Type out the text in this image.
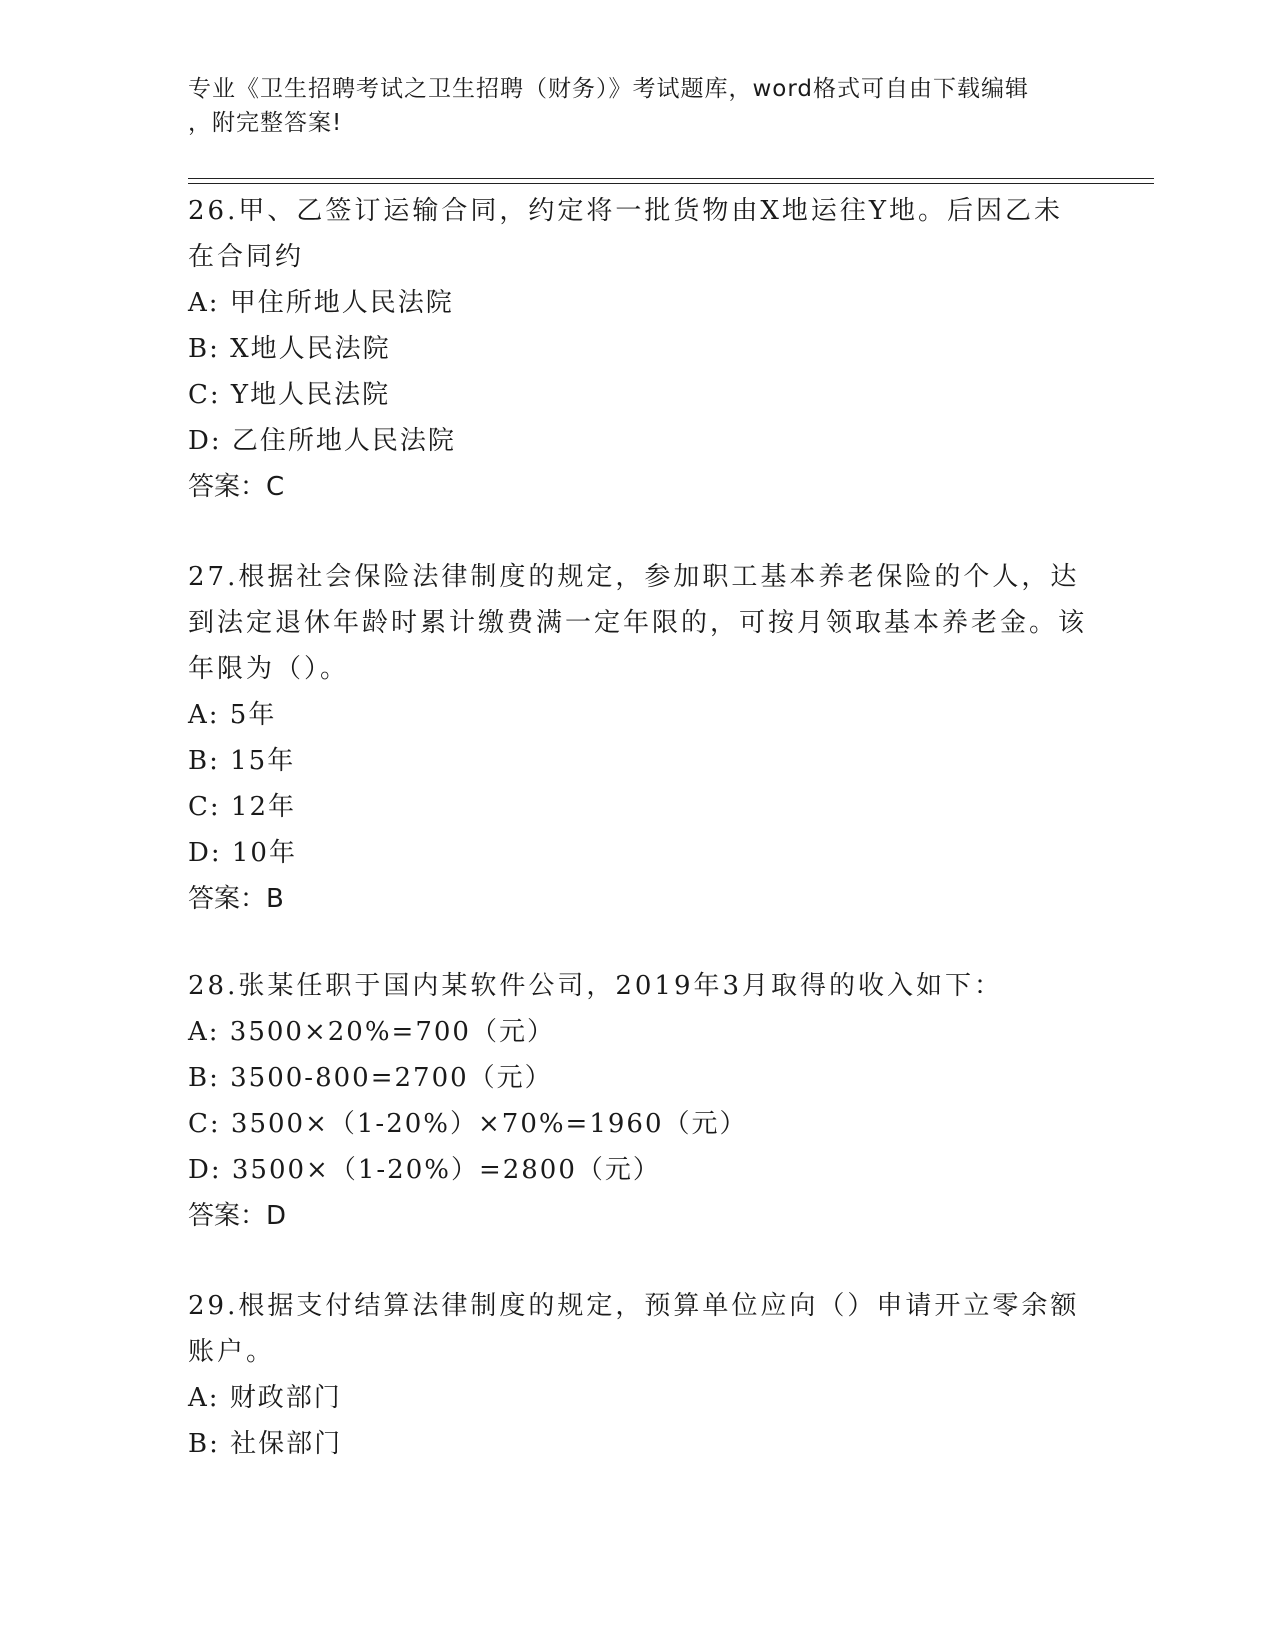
专业《卫生招聘考试之卫生招聘（财务）》考试题库，word格式可自由下载编辑
，附完整答案!

26.甲、乙签订运输合同，约定将一批货物由X地运往Y地。后因乙未在合同约

A: 甲住所地人民法院

B: X地人民法院

C: Y地人民法院

D: 乙住所地人民法院

答案：C

27.根据社会保险法律制度的规定，参加职工基本养老保险的个人，达到法定退休年龄时累计缴费满一定年限的，可按月领取基本养老金。该年限为（）。

A: 5年

B: 15年

C: 12年

D: 10年

答案：B

28.张某任职于国内某软件公司，2019年3月取得的收入如下：

A: 3500×20%=700（元）

B: 3500-800=2700（元）

C: 3500×（1-20%）×70%=1960（元）

D: 3500×（1-20%）=2800（元）

答案：D

29.根据支付结算法律制度的规定，预算单位应向（）申请开立零余额账户。

A: 财政部门

B: 社保部门
